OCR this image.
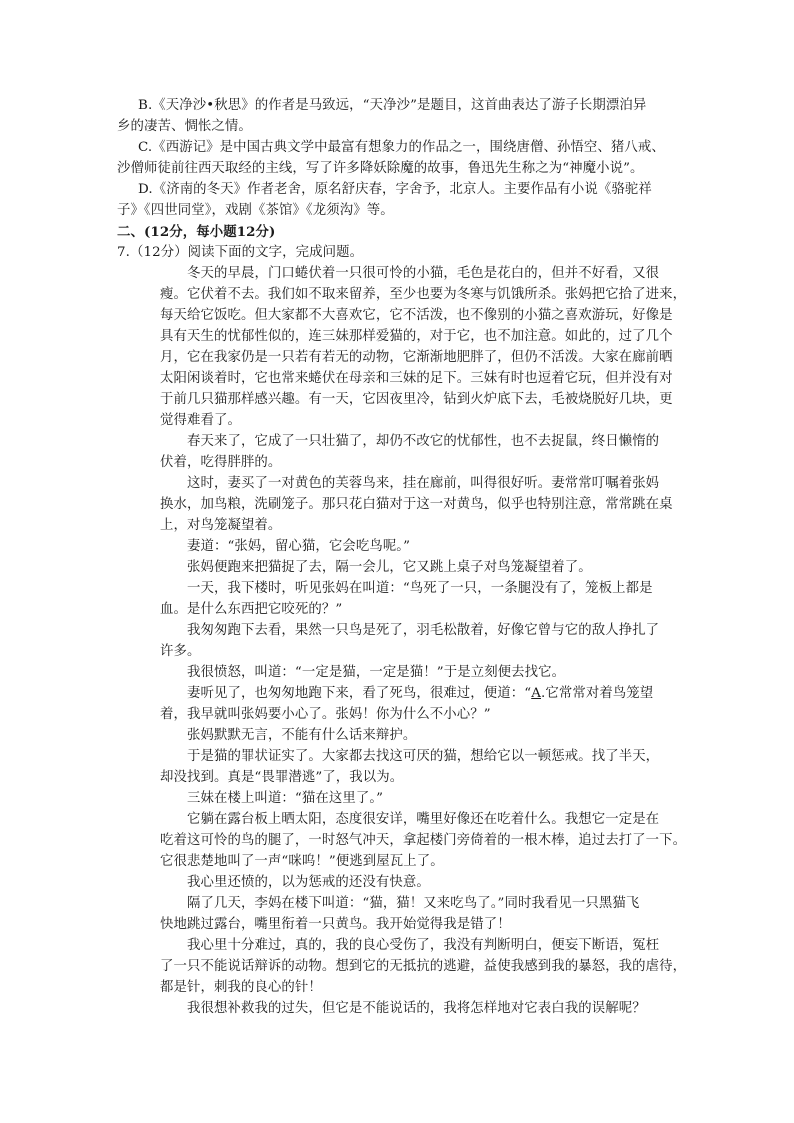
B.《天净沙•秋思》的作者是马致远，“天净沙”是题目，这首曲表达了游子长期漂泊异
乡的凄苦、惆怅之情。
C.《西游记》是中国古典文学中最富有想象力的作品之一，围绕唐僧、孙悟空、猪八戒、
沙僧师徒前往西天取经的主线，写了许多降妖除魔的故事，鲁迅先生称之为“神魔小说”。
D.《济南的冬天》作者老舍，原名舒庆春，字舍予，北京人。主要作品有小说《骆驼祥
子》《四世同堂》，戏剧《茶馆》《龙须沟》等。
二、(12分，每小题12分)
7.（12分）阅读下面的文字，完成问题。
冬天的早晨，门口蜷伏着一只很可怜的小猫，毛色是花白的，但并不好看，又很
瘦。它伏着不去。我们如不取来留养，至少也要为冬寒与饥饿所杀。张妈把它拾了进来，
每天给它饭吃。但大家都不大喜欢它，它不活泼，也不像别的小猫之喜欢游玩，好像是
具有天生的忧郁性似的，连三妹那样爱猫的，对于它，也不加注意。如此的，过了几个
月，它在我家仍是一只若有若无的动物，它渐渐地肥胖了，但仍不活泼。大家在廊前晒
太阳闲谈着时，它也常来蜷伏在母亲和三妹的足下。三妹有时也逗着它玩，但并没有对
于前几只猫那样感兴趣。有一天，它因夜里冷，钻到火炉底下去，毛被烧脱好几块，更
觉得难看了。
春天来了，它成了一只壮猫了，却仍不改它的忧郁性，也不去捉鼠，终日懒惰的
伏着，吃得胖胖的。
这时，妻买了一对黄色的芙蓉鸟来，挂在廊前，叫得很好听。妻常常叮嘱着张妈
换水，加鸟粮，洗刷笼子。那只花白猫对于这一对黄鸟，似乎也特别注意，常常跳在桌
上，对鸟笼凝望着。
妻道：“张妈，留心猫，它会吃鸟呢。”
张妈便跑来把猫捉了去，隔一会儿，它又跳上桌子对鸟笼凝望着了。
一天，我下楼时，听见张妈在叫道：“鸟死了一只，一条腿没有了，笼板上都是
血。是什么东西把它咬死的？”
我匆匆跑下去看，果然一只鸟是死了，羽毛松散着，好像它曾与它的敌人挣扎了
许多。
我很愤怒，叫道：“一定是猫，一定是猫！”于是立刻便去找它。
妻听见了，也匆匆地跑下来，看了死鸟，很难过，便道：“A.它常常对着鸟笼望
着，我早就叫张妈要小心了。张妈！你为什么不小心？”
张妈默默无言，不能有什么话来辩护。
于是猫的罪状证实了。大家都去找这可厌的猫，想给它以一顿惩戒。找了半天，
却没找到。真是“畏罪潜逃”了，我以为。
三妹在楼上叫道：“猫在这里了。”
它躺在露台板上晒太阳，态度很安详，嘴里好像还在吃着什么。我想它一定是在
吃着这可怜的鸟的腿了，一时怒气冲天，拿起楼门旁倚着的一根木棒，追过去打了一下。
它很悲楚地叫了一声“咪呜！”便逃到屋瓦上了。
我心里还愤的，以为惩戒的还没有快意。
隔了几天，李妈在楼下叫道：“猫，猫！又来吃鸟了。”同时我看见一只黑猫飞
快地跳过露台，嘴里衔着一只黄鸟。我开始觉得我是错了！
我心里十分难过，真的，我的良心受伤了，我没有判断明白，便妄下断语，冤枉
了一只不能说话辩诉的动物。想到它的无抵抗的逃避，益使我感到我的暴怒，我的虐待，
都是针，刺我的良心的针！
我很想补救我的过失，但它是不能说话的，我将怎样地对它表白我的误解呢？
